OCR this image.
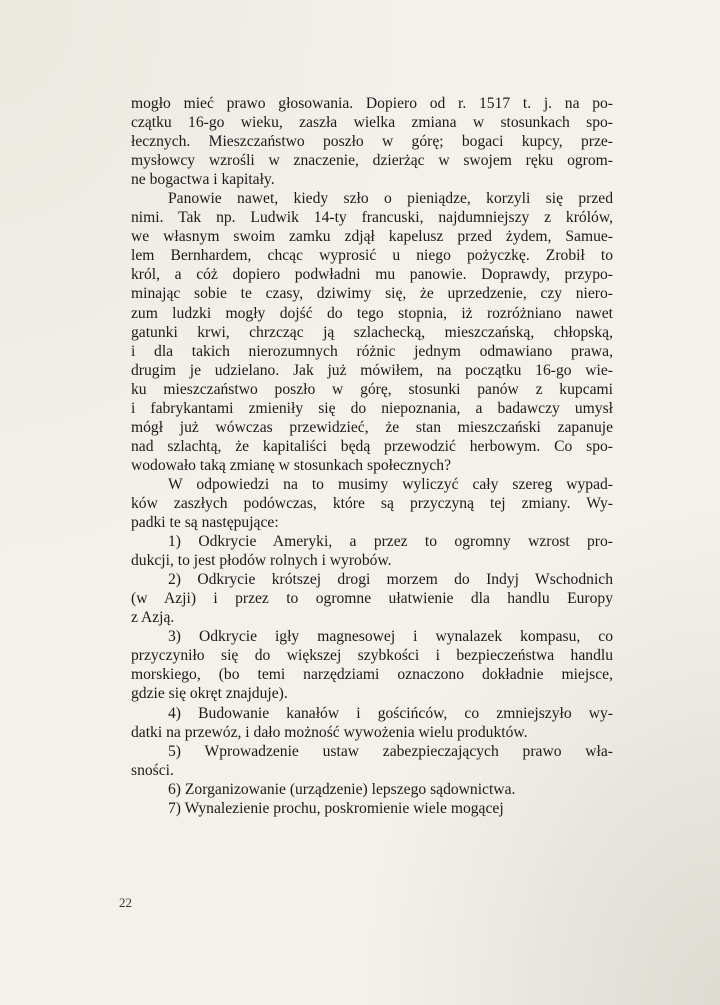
mogło mieć prawo głosowania. Dopiero od r. 1517 t. j. na po-
czątku 16-go wieku, zaszła wielka zmiana w stosunkach spo-
łecznych. Mieszczaństwo poszło w górę; bogaci kupcy, prze-
mysłowcy wzrośli w znaczenie, dzierżąc w swojem ręku ogrom-
ne bogactwa i kapitały.

Panowie nawet, kiedy szło o pieniądze, korzyli się przed
nimi. Tak np. Ludwik 14-ty francuski, najdumniejszy z królów,
we własnym swoim zamku zdjął kapelusz przed żydem, Samue-
lem Bernhardem, chcąc wyprosić u niego pożyczkę. Zrobił to
król, a cóż dopiero podwładni mu panowie. Doprawdy, przypo-
minając sobie te czasy, dziwimy się, że uprzedzenie, czy niero-
zum ludzki mogły dojść do tego stopnia, iż rozróżniano nawet
gatunki krwi, chrzcząc ją szlachecką, mieszczańską, chłopską,
i dla takich nierozumnych różnic jednym odmawiano prawa,
drugim je udzielano. Jak już mówiłem, na początku 16-go wie-
ku mieszczaństwo poszło w górę, stosunki panów z kupcami
i fabrykantami zmieniły się do niepoznania, a badawczy umysł
mógł już wówczas przewidzieć, że stan mieszczański zapanuje
nad szlachtą, że kapitaliści będą przewodzić herbowym. Co spo-
wodowało taką zmianę w stosunkach społecznych?

W odpowiedzi na to musimy wyliczyć cały szereg wypad-
ków zaszłych podówczas, które są przyczyną tej zmiany. Wy-
padki te są następujące:

1) Odkrycie Ameryki, a przez to ogromny wzrost pro-
dukcji, to jest płodów rolnych i wyrobów.

2) Odkrycie krótszej drogi morzem do Indyj Wschodnich
(w Azji) i przez to ogromne ułatwienie dla handlu Europy
z Azją.

3) Odkrycie igły magnesowej i wynalazek kompasu, co
przyczyniło się do większej szybkości i bezpieczeństwa handlu
morskiego, (bo temi narzędziami oznaczono dokładnie miejsce,
gdzie się okręt znajduje).

4) Budowanie kanałów i gościńców, co zmniejszyło wy-
datki na przewóz, i dało możność wywożenia wielu produktów.

5) Wprowadzenie ustaw zabezpieczających prawo wła-
sności.

6) Zorganizowanie (urządzenie) lepszego sądownictwa.

7) Wynalezienie prochu, poskromienie wiele mogącej

22
